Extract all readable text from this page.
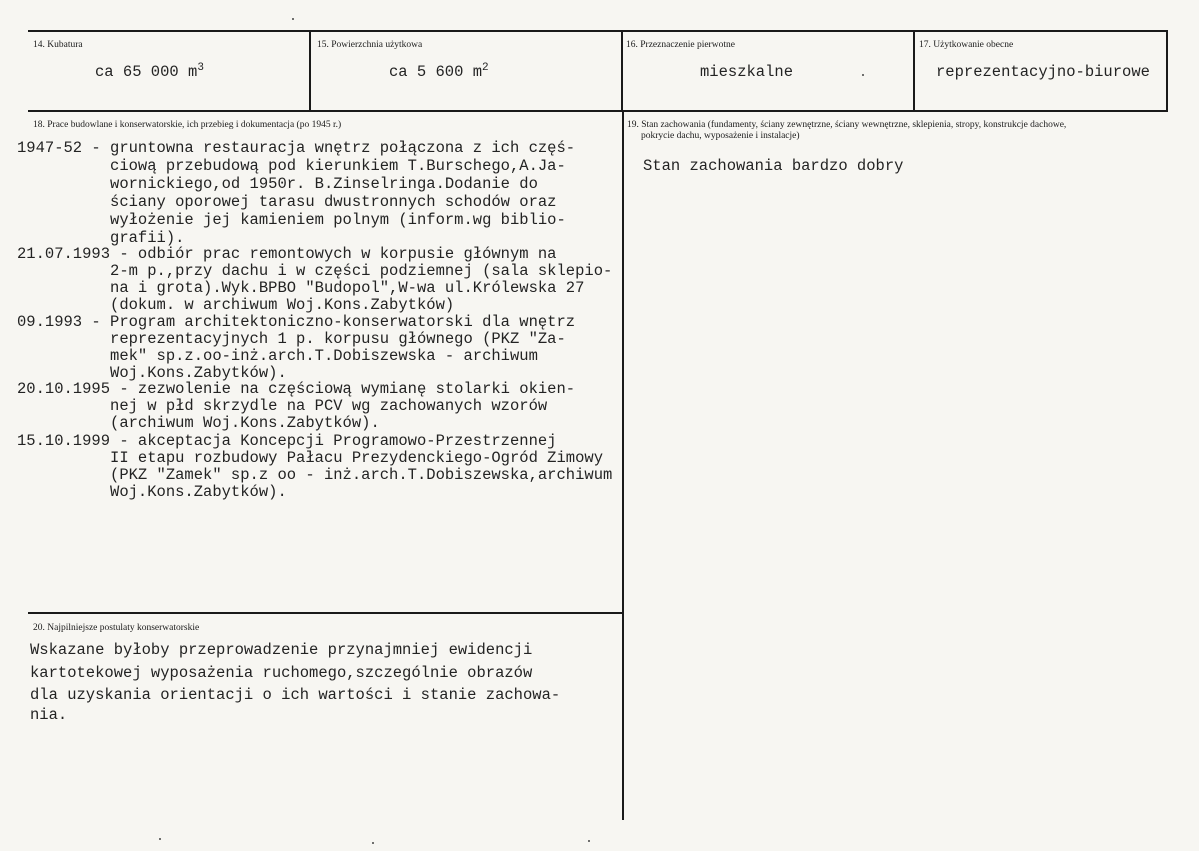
14. Kubatura
ca 65 000 $m^3$
15. Powierzchnia użytkowa
ca 5 600 $m^2$
16. Przeznaczenie pierwotne
mieszkalne
17. Użytkowanie obecne
reprezentacyjno-biurowe
18. Prace budowlane i konserwatorskie, ich przebieg i dokumentacja (po 1945 r.)
1947-52 - gruntowna restauracja wnętrz połączona z ich częś-
ciową przebudową pod kierunkiem T.Burschego,A.Ja-
wornickiego,od 1950r. B.Zinselringa.Dodanie do
ściany oporowej tarasu dwustronnych schodów oraz
wyłożenie jej kamieniem polnym (inform.wg biblio-
grafii).
21.07.1993 - odbiór prac remontowych w korpusie głównym na
2-m p.,przy dachu i w części podziemnej (sala sklepio-
na i grota).Wyk.BPBO "Budopol",W-wa ul.Królewska 27
(dokum. w archiwum Woj.Kons.Zabytków)
09.1993 - Program architektoniczno-konserwatorski dla wnętrz
reprezentacyjnych 1 p. korpusu głównego (PKZ "Za-
mek" sp.z.oo-inż.arch.T.Dobiszewska - archiwum
Woj.Kons.Zabytków).
20.10.1995 - zezwolenie na częściową wymianę stolarki okien-
nej w płd skrzydle na PCV wg zachowanych wzorów
(archiwum Woj.Kons.Zabytków).
15.10.1999 - akceptacja Koncepcji Programowo-Przestrzennej
II etapu rozbudowy Pałacu Prezydenckiego-Ogród Zimowy
(PKZ "Zamek" sp.z oo - inż.arch.T.Dobiszewska,archiwum
Woj.Kons.Zabytków).
19. Stan zachowania (fundamenty, ściany zewnętrzne, ściany wewnętrzne, sklepienia, stropy, konstrukcje dachowe,
pokrycie dachu, wyposażenie i instalacje)
Stan zachowania bardzo dobry
20. Najpilniejsze postulaty konserwatorskie
Wskazane byłoby przeprowadzenie przynajmniej ewidencji
kartotekowej wyposażenia ruchomego,szczególnie obrazów
dla uzyskania orientacji o ich wartości i stanie zachowa-
nia.
